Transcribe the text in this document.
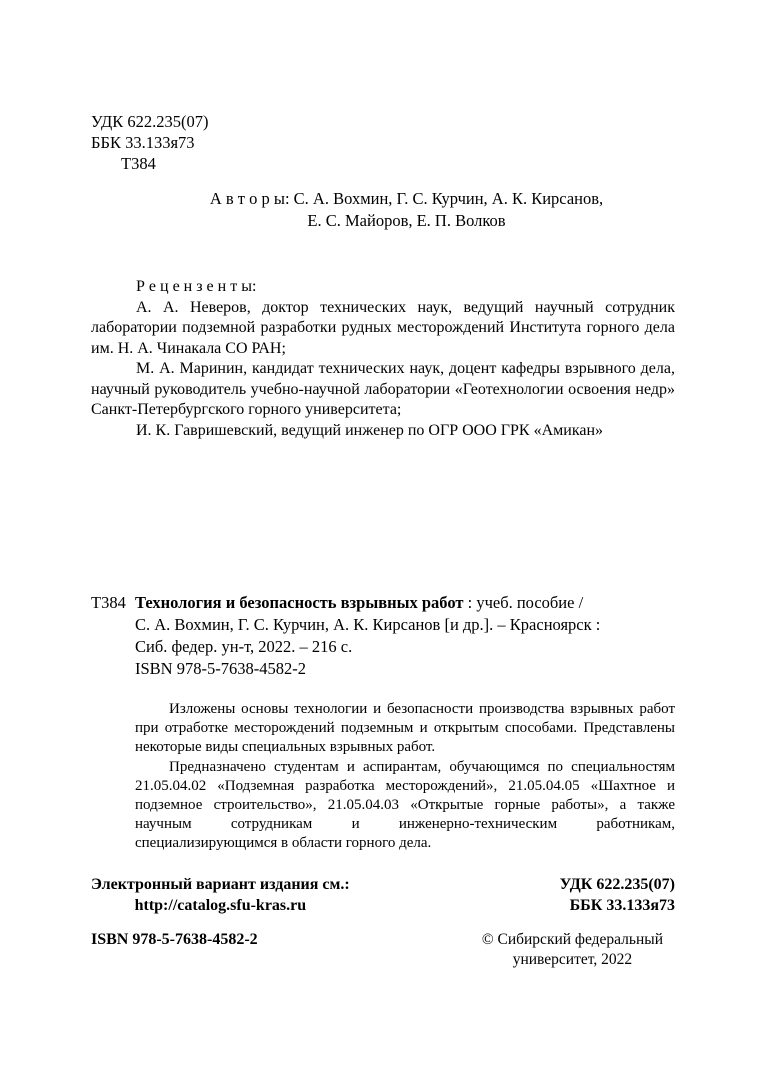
УДК 622.235(07)
ББК 33.133я73
Т384
А в т о р ы: С. А. Вохмин, Г. С. Курчин, А. К. Кирсанов,
Е. С. Майоров, Е. П. Волков
Р е ц е н з е н т ы:

А. А. Неверов, доктор технических наук, ведущий научный сотрудник лаборатории подземной разработки рудных месторождений Института горного дела им. Н. А. Чинакала СО РАН;

М. А. Маринин, кандидат технических наук, доцент кафедры взрывного дела, научный руководитель учебно-научной лаборатории «Геотехнологии освоения недр» Санкт-Петербургского горного университета;

И. К. Гавришевский, ведущий инженер по ОГР ООО ГРК «Амикан»

Т384 Технология и безопасность взрывных работ : учеб. пособие /
С. А. Вохмин, Г. С. Курчин, А. К. Кирсанов [и др.]. – Красноярск :
Сиб. федер. ун-т, 2022. – 216 с.
ISBN 978-5-7638-4582-2

Изложены основы технологии и безопасности производства взрывных работ при отработке месторождений подземным и открытым способами. Представлены некоторые виды специальных взрывных работ.

Предназначено студентам и аспирантам, обучающимся по специальностям 21.05.04.02 «Подземная разработка месторождений», 21.05.04.05 «Шахтное и подземное строительство», 21.05.04.03 «Открытые горные работы», а также научным сотрудникам и инженерно-техническим работникам, специализирующимся в области горного дела.

Электронный вариант издания см.:
http://catalog.sfu-kras.ru
УДК 622.235(07)
ББК 33.133я73
ISBN 978-5-7638-4582-2	© Сибирский федеральный
университет, 2022
